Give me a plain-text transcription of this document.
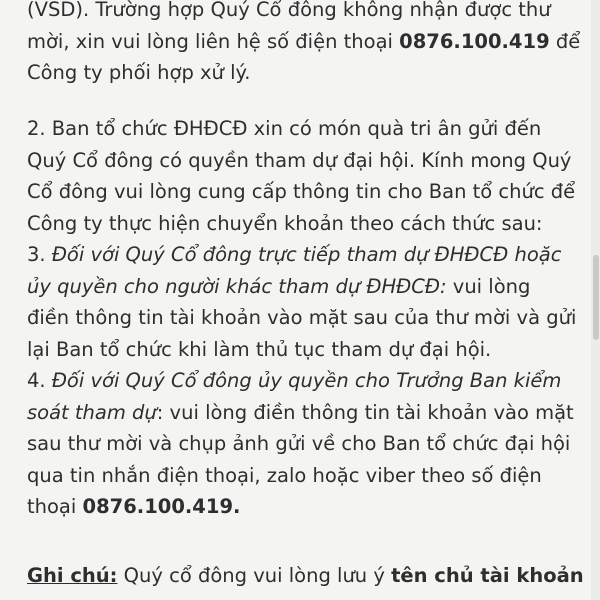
(VSD). Trường hợp Quý Cổ đông không nhận được thư
mời, xin vui lòng liên hệ số điện thoại 0876.100.419 để
Công ty phối hợp xử lý.
2. Ban tổ chức ĐHĐCĐ xin có món quà tri ân gửi đến
Quý Cổ đông có quyền tham dự đại hội. Kính mong Quý
Cổ đông vui lòng cung cấp thông tin cho Ban tổ chức để
Công ty thực hiện chuyển khoản theo cách thức sau:
3. Đối với Quý Cổ đông trực tiếp tham dự ĐHĐCĐ hoặc
ủy quyền cho người khác tham dự ĐHĐCĐ: vui lòng
điền thông tin tài khoản vào mặt sau của thư mời và gửi
lại Ban tổ chức khi làm thủ tục tham dự đại hội.
4. Đối với Quý Cổ đông ủy quyền cho Trưởng Ban kiểm
soát tham dự: vui lòng điền thông tin tài khoản vào mặt
sau thư mời và chụp ảnh gửi về cho Ban tổ chức đại hội
qua tin nhắn điện thoại, zalo hoặc viber theo số điện
thoại 0876.100.419.
Ghi chú: Quý cổ đông vui lòng lưu ý tên chủ tài khoản
